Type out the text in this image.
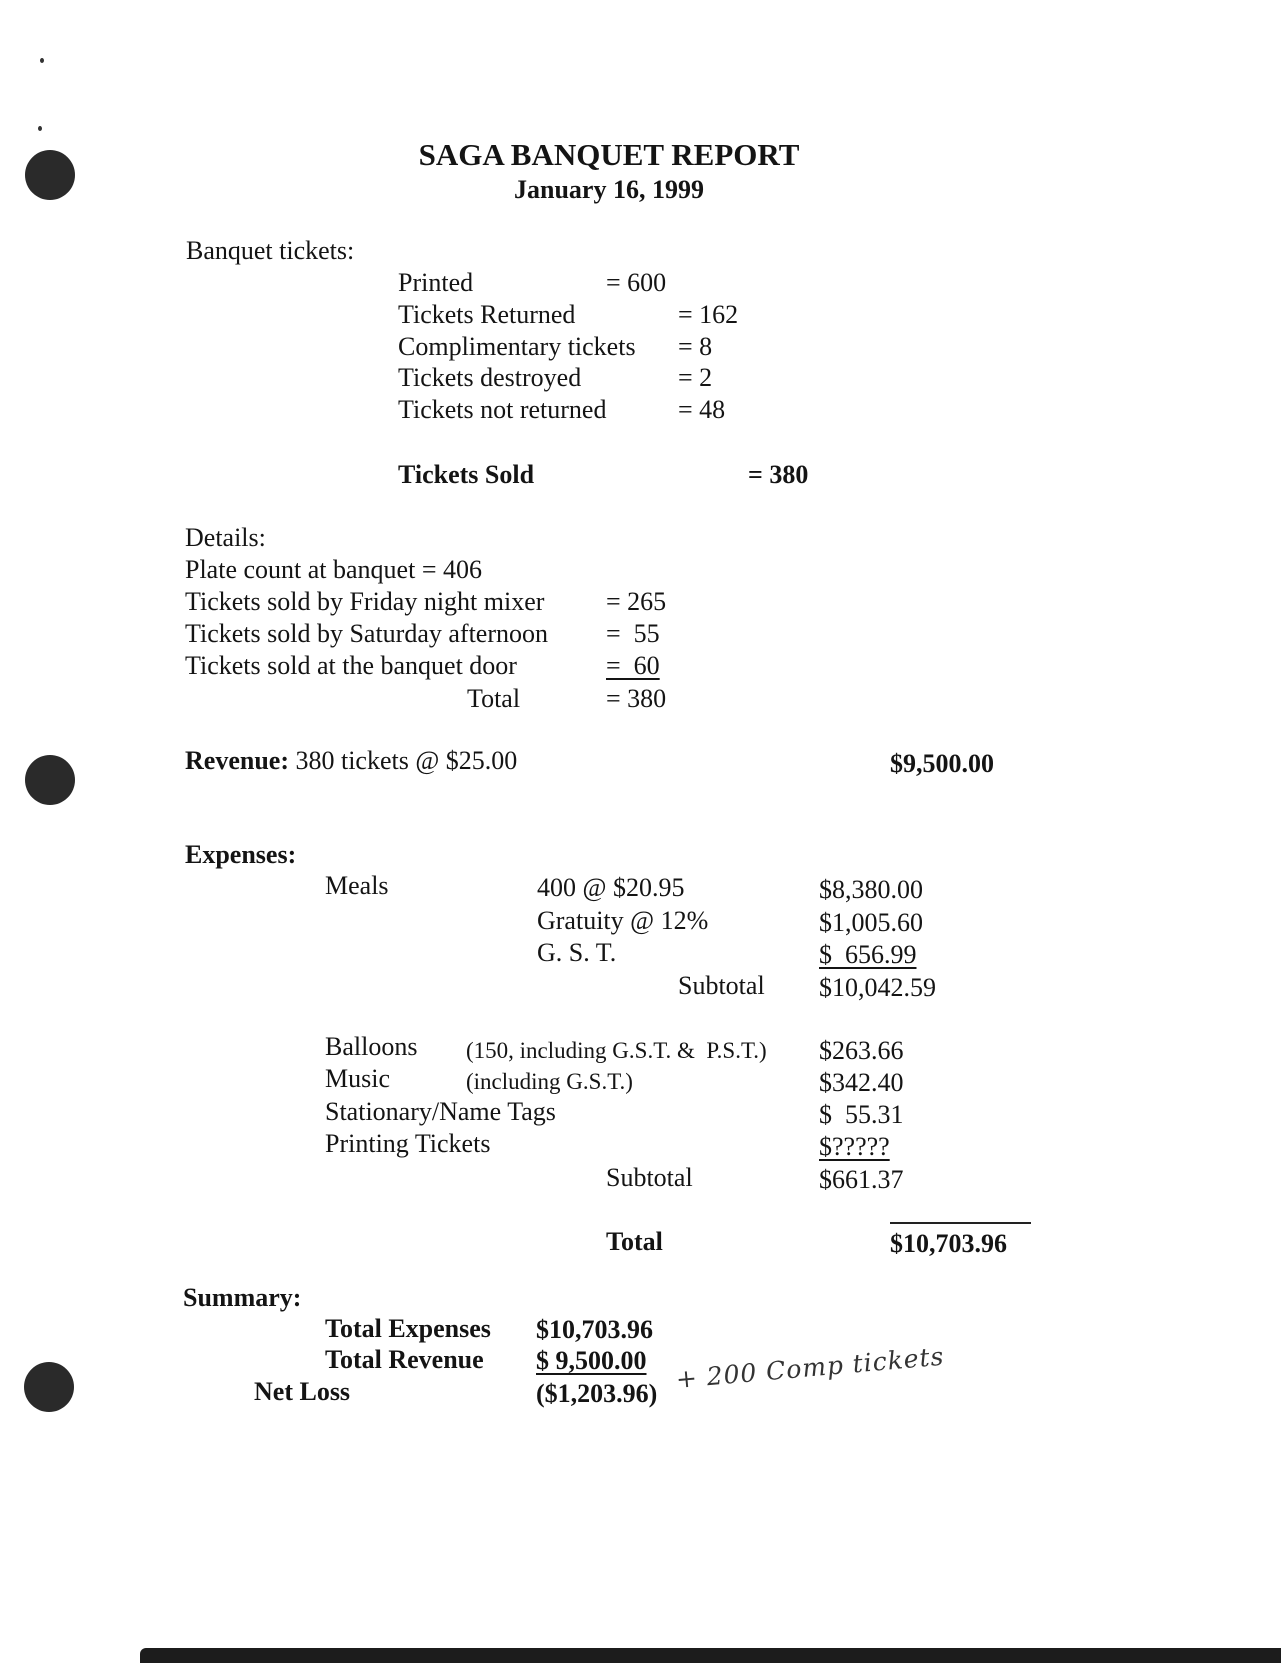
SAGA BANQUET REPORT
January 16, 1999
Banquet tickets:
Printed	= 600
Tickets Returned	= 162
Complimentary tickets = 8
Tickets destroyed	= 2
Tickets not returned	= 48
Tickets Sold	= 380
Details:
Plate count at banquet = 406
Tickets sold by Friday night mixer = 265
Tickets sold by Saturday afternoon =  55
Tickets sold at the banquet door	=  60
Total	= 380
Revenue: 380 tickets @ $25.00	$9,500.00
Expenses:
Meals	400 @ $20.95	$8,380.00
Gratuity @ 12%	$1,005.60
G. S. T.	$  656.99
Subtotal $10,042.59
Balloons (150, including G.S.T. &  P.S.T.) $263.66
Music	(including G.S.T.)	$342.40
Stationary/Name Tags	$  55.31
Printing Tickets	$?????
Subtotal	$661.37
Total	$10,703.96
Summary:
Total Expenses $10,703.96
Total Revenue $ 9,500.00
Net Loss	($1,203.96) + 200 Comp tickets
